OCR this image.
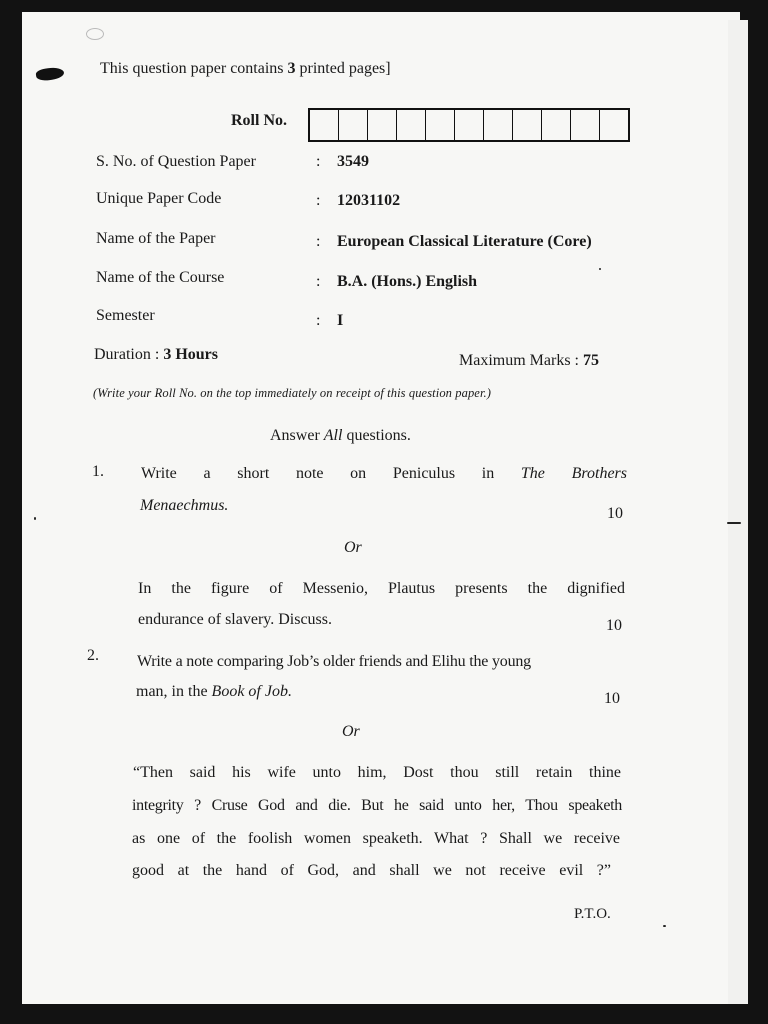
This question paper contains 3 printed pages]
Roll No.
S. No. of Question Paper	: 3549
Unique Paper Code	: 12031102
Name of the Paper	: European Classical Literature (Core)
Name of the Course	: B.A. (Hons.) English
Semester	: I
Duration : 3 Hours	Maximum Marks : 75
(Write your Roll No. on the top immediately on receipt of this question paper.)
Answer All questions.
1. Write a short note on Peniculus in The Brothers
Menaechmus.	10
Or
In the figure of Messenio, Plautus presents the dignified
endurance of slavery. Discuss.	10
2. Write a note comparing Job’s older friends and Elihu the young
man, in the Book of Job.	10
Or
“Then said his wife unto him, Dost thou still retain thine
integrity ? Cruse God and die. But he said unto her, Thou speaketh
as one of the foolish women speaketh. What ? Shall we receive
good at the hand of God, and shall we not receive evil ?”
P.T.O.
